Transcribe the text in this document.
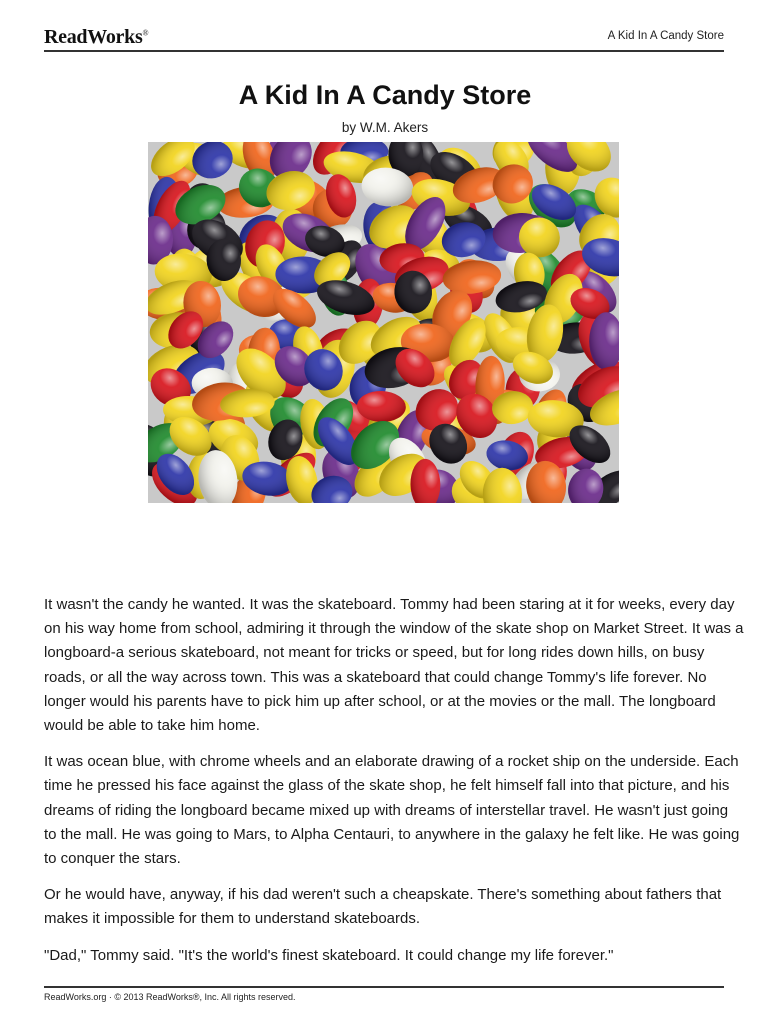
ReadWorks®	A Kid In A Candy Store
A Kid In A Candy Store
by W.M. Akers

It wasn't the candy he wanted. It was the skateboard. Tommy had been staring at it for weeks, every day on his way home from school, admiring it through the window of the skate shop on Market Street. It was a longboard-a serious skateboard, not meant for tricks or speed, but for long rides down hills, on busy roads, or all the way across town. This was a skateboard that could change Tommy's life forever. No longer would his parents have to pick him up after school, or at the movies or the mall. The longboard would be able to take him home.

It was ocean blue, with chrome wheels and an elaborate drawing of a rocket ship on the underside. Each time he pressed his face against the glass of the skate shop, he felt himself fall into that picture, and his dreams of riding the longboard became mixed up with dreams of interstellar travel. He wasn't just going to the mall. He was going to Mars, to Alpha Centauri, to anywhere in the galaxy he felt like. He was going to conquer the stars.

Or he would have, anyway, if his dad weren't such a cheapskate. There's something about fathers that makes it impossible for them to understand skateboards.

"Dad," Tommy said. "It's the world's finest skateboard. It could change my life forever."

ReadWorks.org · © 2013 ReadWorks®, Inc. All rights reserved.
